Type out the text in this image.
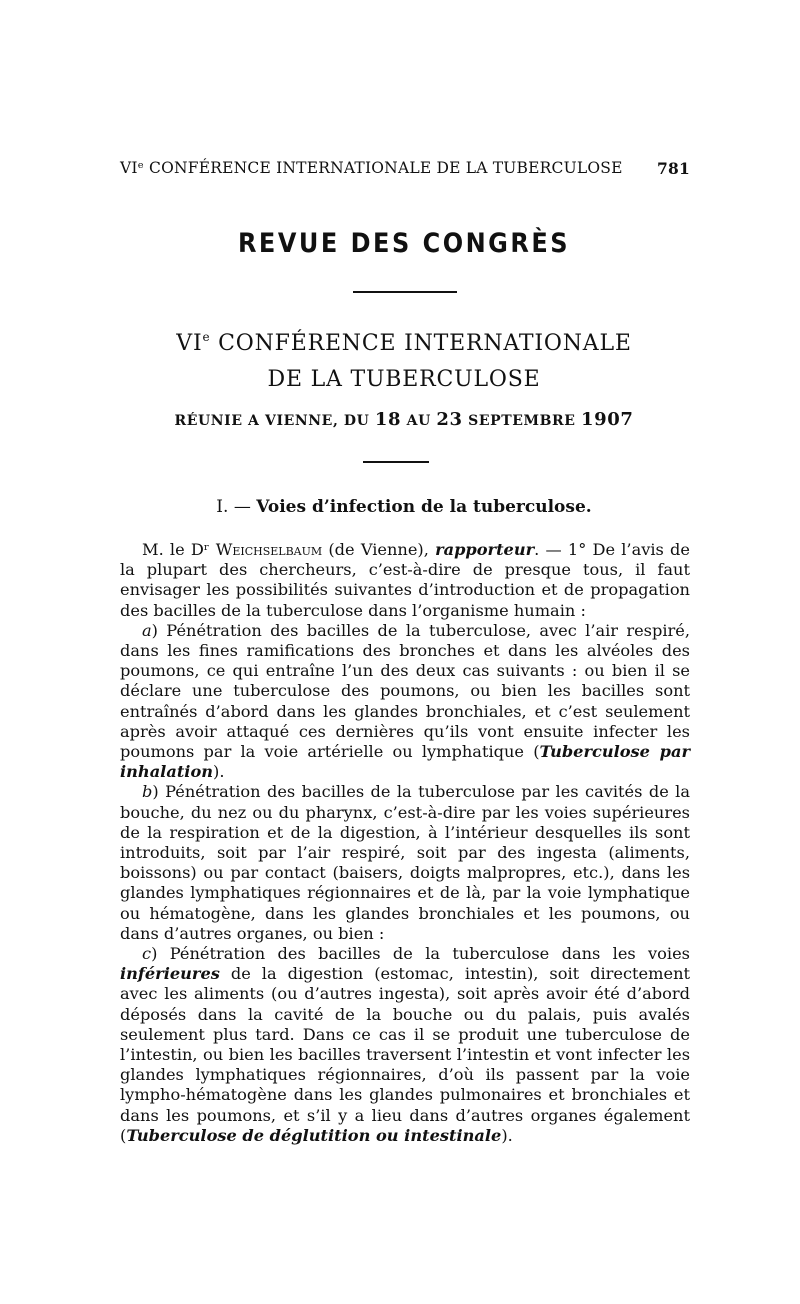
VIᵉ CONFÉRENCE INTERNATIONALE DE LA TUBERCULOSE 781
REVUE DES CONGRÈS
VIe CONFÉRENCE INTERNATIONALE
DE LA TUBERCULOSE
RÉUNIE A VIENNE, DU 18 AU 23 SEPTEMBRE 1907
I. — Voies d’infection de la tuberculose.

M. le Dʳ Weichselbaum (de Vienne), rapporteur. — 1° De l’avis de la plupart des chercheurs, c’est-à-dire de presque tous, il faut envisager les possibilités suivantes d’introduction et de propagation des bacilles de la tuberculose dans l’organisme humain :

a) Pénétration des bacilles de la tuberculose, avec l’air respiré, dans les fines ramifications des bronches et dans les alvéoles des poumons, ce qui entraîne l’un des deux cas suivants : ou bien il se déclare une tuberculose des poumons, ou bien les bacilles sont entraînés d’abord dans les glandes bronchiales, et c’est seulement après avoir attaqué ces dernières qu’ils vont ensuite infecter les poumons par la voie artérielle ou lymphatique (Tuberculose par inhalation).

b) Pénétration des bacilles de la tuberculose par les cavités de la bouche, du nez ou du pharynx, c’est-à-dire par les voies supérieures de la respiration et de la digestion, à l’intérieur desquelles ils sont introduits, soit par l’air respiré, soit par des ingesta (aliments, boissons) ou par contact (baisers, doigts malpropres, etc.), dans les glandes lymphatiques régionnaires et de là, par la voie lymphatique ou hématogène, dans les glandes bronchiales et les poumons, ou dans d’autres organes, ou bien :

c) Pénétration des bacilles de la tuberculose dans les voies inférieures de la digestion (estomac, intestin), soit directement avec les aliments (ou d’autres ingesta), soit après avoir été d’abord déposés dans la cavité de la bouche ou du palais, puis avalés seulement plus tard. Dans ce cas il se produit une tuberculose de l’intestin, ou bien les bacilles traversent l’intestin et vont infecter les glandes lymphatiques régionnaires, d’où ils passent par la voie lympho-hématogène dans les glandes pulmonaires et bronchiales et dans les poumons, et s’il y a lieu dans d’autres organes également (Tuberculose de déglutition ou intestinale).
